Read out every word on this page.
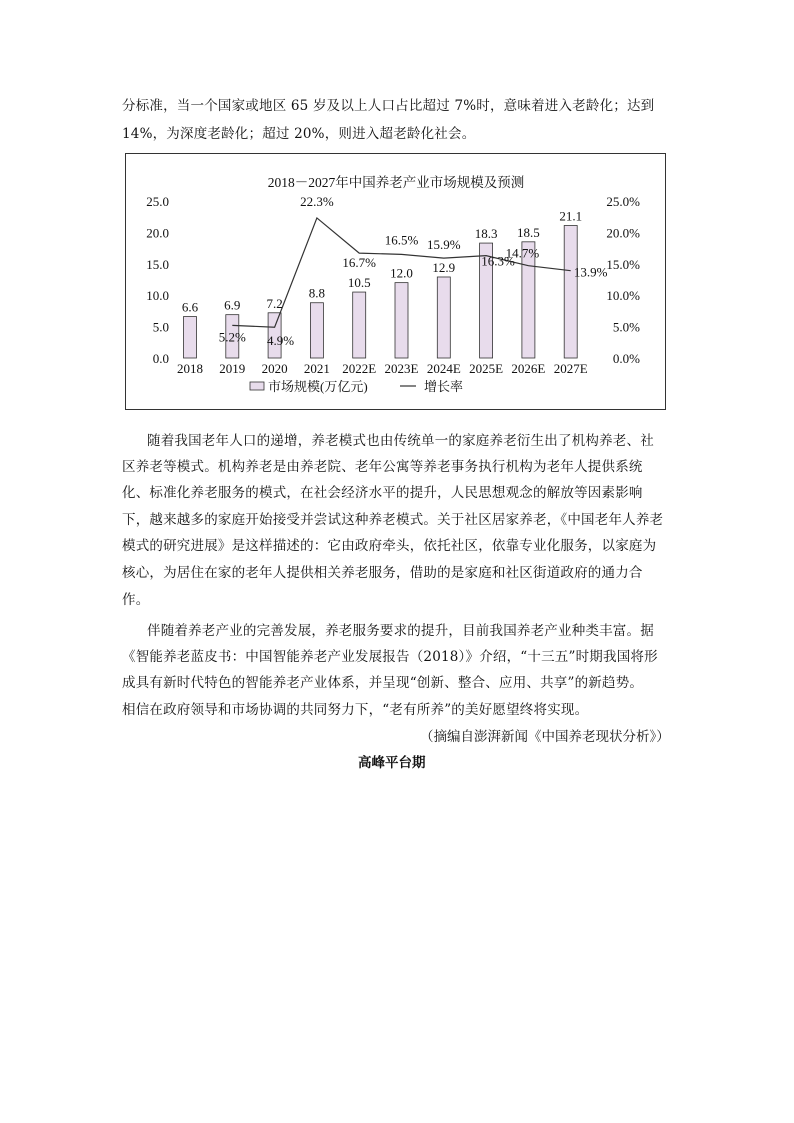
分标准，当一个国家或地区 65 岁及以上人口占比超过 7%时，意味着进入老龄化；达到
14%，为深度老龄化；超过 20%，则进入超老龄化社会。
2018－2027年中国养老产业市场规模及预测
0.0
5.0
10.0
15.0
20.0
25.0
0.0%
5.0%
10.0%
15.0%
20.0%
25.0%
6.6 6.9 7.2
8.8
10.5
12.0 12.9
18.3 18.5
21.1
5.2% 4.9%
22.3%
16.7%
16.5% 15.9%
16.3%
14.7%
13.9%
2018 2019 2020 2021 2022E 2023E 2024E 2025E 2026E 2027E
市场规模(万亿元)	增长率
随着我国老年人口的递增，养老模式也由传统单一的家庭养老衍生出了机构养老、社
区养老等模式。机构养老是由养老院、老年公寓等养老事务执行机构为老年人提供系统
化、标准化养老服务的模式，在社会经济水平的提升，人民思想观念的解放等因素影响
下，越来越多的家庭开始接受并尝试这种养老模式。关于社区居家养老，《中国老年人养老
模式的研究进展》是这样描述的：它由政府牵头，依托社区，依靠专业化服务，以家庭为
核心，为居住在家的老年人提供相关养老服务，借助的是家庭和社区街道政府的通力合
作。
伴随着养老产业的完善发展，养老服务要求的提升，目前我国养老产业种类丰富。据
《智能养老蓝皮书：中国智能养老产业发展报告（2018）》介绍，“十三五”时期我国将形
成具有新时代特色的智能养老产业体系，并呈现“创新、整合、应用、共享”的新趋势。
相信在政府领导和市场协调的共同努力下，“老有所养”的美好愿望终将实现。
（摘编自澎湃新闻《中国养老现状分析》）
高峰平台期
